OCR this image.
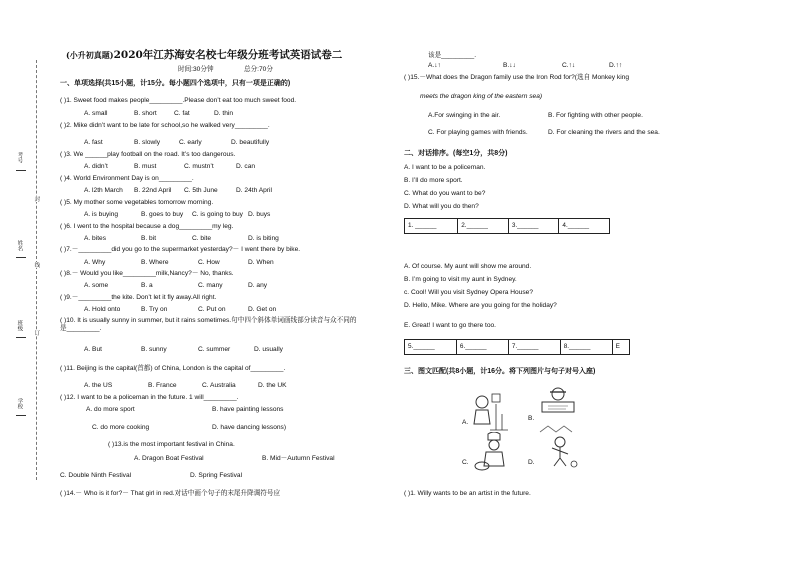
考号
姓名
班级
学校
封
线
订
(小升初真题)2020年江苏海安名校七年级分班考试英语试卷二
时间:30分钟	总分:70分
一、单项选择(共15小题，计15分。每小题四个选项中，只有一项是正确的)
( )1. Sweet food makes people_________.Please don’t eat too much sweet food.
A. small	B. short	C. fat	D. thin
( )2. Mike didn’t want to be late for school,so he walked very_________.
A. fast	B. slowly	C. early	D. beautifully
( )3. We ______play football on the road. It’s too dangerous.
A. didn’t	B. must	C. mustn’t	D. can
( )4. World Environment Day is on_________.
A. l2th March B. 22nd April C. 5th June	D. 24th April
( )5. My mother some vegetables tomorrow morning.
A. is buying	B. goes to buy C. is going to buy D. buys
( )6. I went to the hospital because a dog_________my leg.
A. bites	B. bit	C. bite	D. is biting
( )7.－_________did you go to the supermarket yesterday?－ I went there by bike.
A. Why	B. Where	C. How	D. When
( )8.－ Would you like_________milk,Nancy?－ No, thanks.
A. some	B. a	C. many	D. any
( )9.－_________the kite. Don’t let it fly away.All right.
A. Hold onto	B. Try on	C. Put on	D. Get on
( )10. It is usually sunny in summer, but it rains sometimes.句中四个斜体单词画线部分读音与众不同的是_________.
A. But	B. sunny	C. summer	D. usually
( )11. Beijing is the capital(首都) of China, London is the capital of_________.
A. the US	B. France	C. Australia	D. the UK
( )12. I want to be a policeman in the future. 1 will_________.
A. do more sport	B. have painting lessons
C. do more cooking	D. have dancing lessons)
( )13.is the most important festival in China.
A. Dragon Boat Festival	B. Mid－Autumn Festival
C. Double Ninth Festival	D. Spring Festival
( )14.－ Who is it for?－ That girl in red.对话中画个句子的末尾升降调符号应
该是_________.
A.↓↑	B.↓↓	C.↑↓	D.↑↑
( )15.－What does the Dragon family use the Iron Rod for?(选自 Monkey king
meets the dragon king of the eastern sea)
A.For swinging in the air.	B. For fighting with other people.
C. For playing games with friends.	D. For cleaning the rivers and the sea.
二、对话排序。(每空1分，共8分)
A. I want to be a policeman.
B. I’ll do more sport.
C. What do you want to be?
D. What will you do then?
1. ______	2.______	3.______	4.______
A. Of course. My aunt will show me around.
B. I’m going to visit my aunt in Sydney.
c. Cool! Will you visit Sydney Opera House?
D. Hello, Mike. Where are you going for the holiday?
E. Great! I want to go there too.
5.______	6.______	7.______	8.______	E
三、图文匹配(共8小题，计16分。将下列图片与句子对号入座)
A.
B.
C.	D.
( )1. Willy wants to be an artist in the future.
